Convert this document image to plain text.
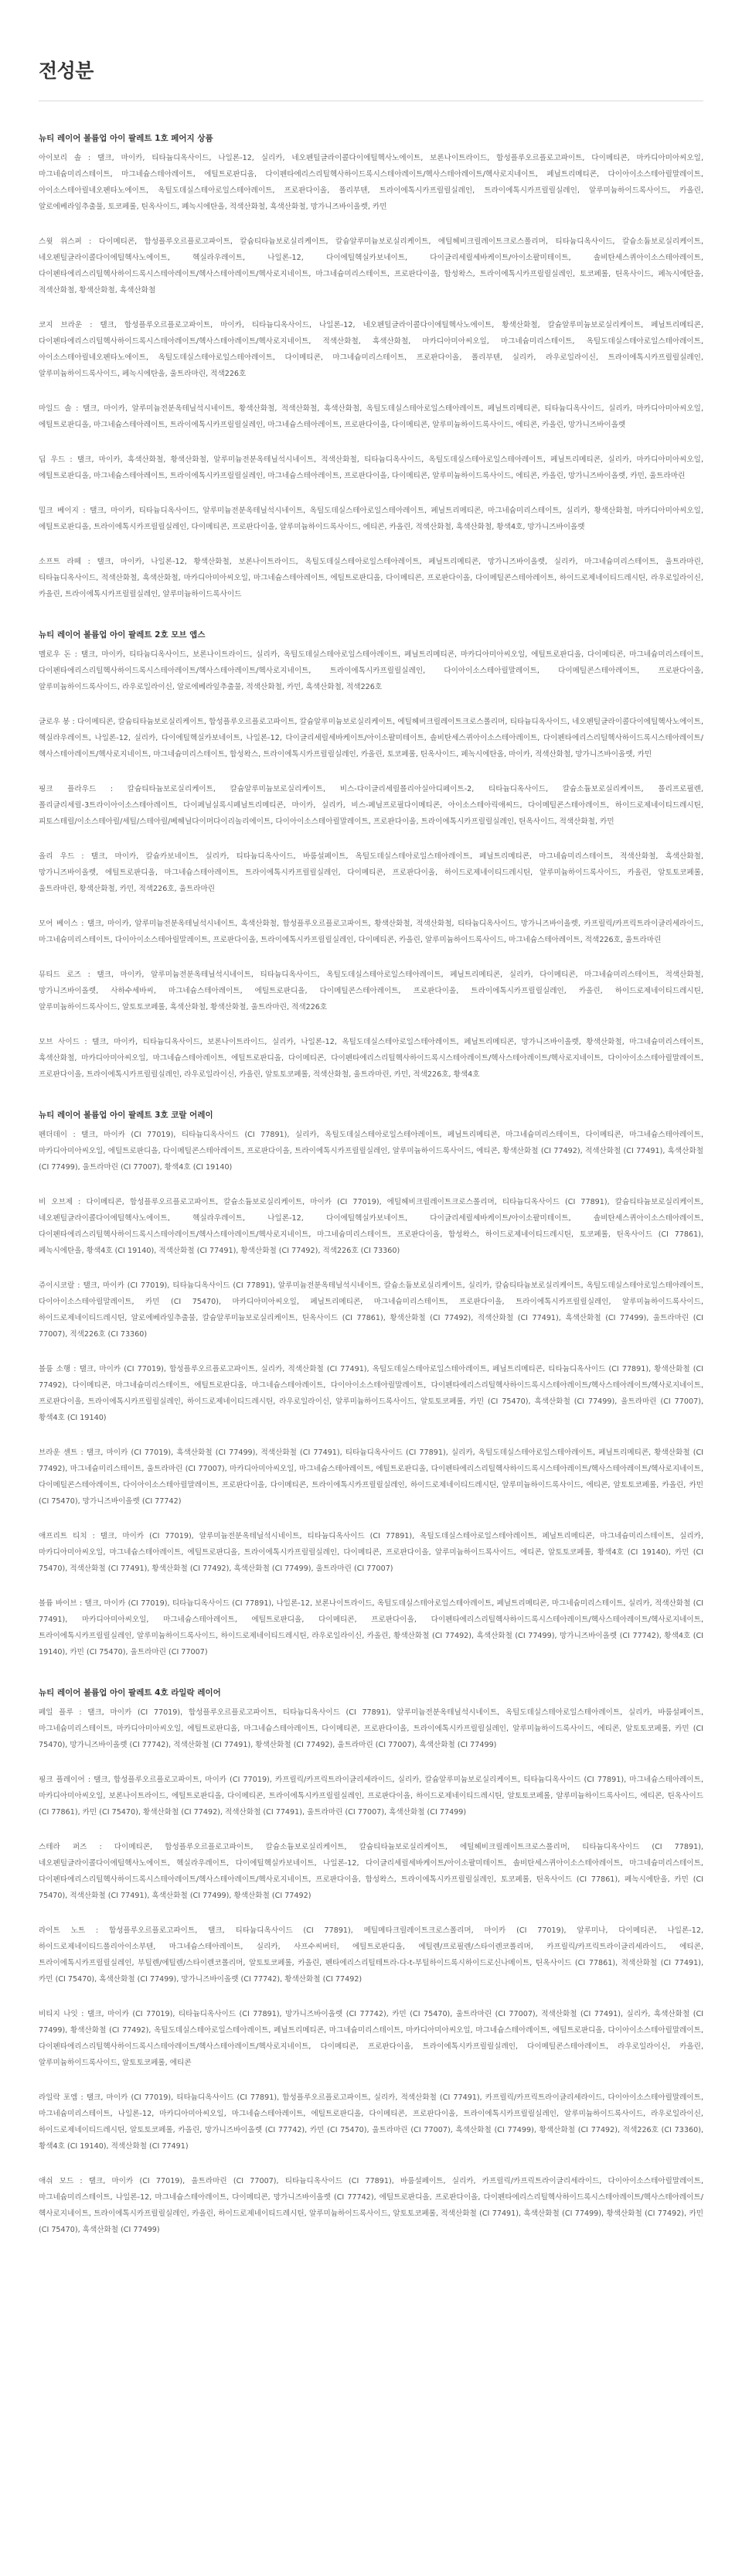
전성분
뉴티 레이어 볼륨업 아이 팔레트 1호 페어지 상품

아이보리 솔 : 탤크, 마이카, 티타늄디옥사이드, 나일론-12, 실리카, 네오펜틸글라이콜다이에틸헥사노에이트, 보론나이트라이드, 합성플루오르플로고파이트, 다이메티콘, 마카디아미아씨오일, 마그네슘미리스테이트, 마그네슘스테아레이트, 에틸트로판디올, 다이펜타에리스리틸헥사하이드록시스테아레이트/헥사스테아레이트/헥사로지네이트, 페닐트리메티콘, 다이아이소스테아릴말레이트, 아이소스테아릴네오펜타노에이트, 옥틸도데실스테아로일스테아레이트, 프로판다이올, 폴리부텐, 트라이에톡시카프릴릴실레인, 트라이에톡시카프릴릴실레인, 알루미늄하이드록사이드, 카올린, 알로에베라잎추출물, 토코페롤, 틴옥사이드, 폐녹시에탄올, 적색산화철, 흑색산화철, 망가니즈바이올렛, 카민

스윗 위스퍼 : 다이메티콘, 합성플루오르플로고파이트, 칼슘티타늄보로실리케이트, 칼슘알루미늄보로실리케이트, 에틸헤비크릴레이트크로스폴리머, 티타늄디옥사이드, 칼슘소듐보로실리케이트, 네오펜틸글라이콜다이에틸헥사노에이트, 헥실라우레이트, 나일론-12, 다이에틸헥실카보네이트, 다이글리세릴세바케이트/아이소팔미테이트, 솔비탄세스퀴아이소스테아레이트, 다이펜타에리스리틸헥사하이드록시스테아레이트/헥사스테아레이트/헥사로지네이트, 마그네슘미리스테이트, 프로판다이올, 합성왁스, 트라이에톡시카프릴릴실레인, 토코페롤, 틴옥사이드, 페녹시에탄올, 적색산화철, 황색산화철, 흑색산화철

코지 브라운 : 탤크, 합성플루오르플로고파이트, 마이카, 티타늄디옥사이드, 나일론-12, 네오펜틸글라이콜다이에틸헥사노에이트, 황색산화철, 칼슘알루미늄보로실리케이트, 페닐트리메티콘, 다이펜타에리스리틸헥사하이드록시스테아레이트/헥사스테아레이트/헥사로지네이트, 적색산화철, 흑색산화철, 마카디아미아씨오일, 마그네슘미리스테이트, 옥틸도데실스테아로일스테아레이트, 아이소스테아릴네오펜타노에이트, 옥틸도데실스테아로일스테아레이트, 다이메티콘, 마그네슘미리스테이트, 프로판다이올, 폴리부텐, 실리카, 라우로일라이신, 트라이에톡시카프릴릴실레인, 알루미늄하이드록사이드, 페녹시에탄올, 울트라마린, 적색226호

마일드 솔 : 탤크, 마이카, 알루미늄전분옥테닐석시네이트, 황색산화철, 적색산화철, 흑색산화철, 옥틸도데실스테아로일스테아레이트, 페닐트리메티콘, 티타늄디옥사이드, 실리카, 마카디아미아씨오일, 에틸트로판디올, 마그네슘스테아레이트, 트라이에톡시카프릴릴실레인, 마그네슘스테아레이트, 프로판다이올, 다이메티콘, 알루미늄하이드록사이드, 에티콘, 카올린, 망가니즈바이올렛

딥 우드 : 탤크, 마이카, 흑색산화철, 황색산화철, 알루미늄전분옥테닐석시네이트, 적색산화철, 티타늄디옥사이드, 옥틸도데실스테아로일스테아레이트, 페닐트리메티콘, 실리카, 마카디아미아씨오일, 에틸트로판디올, 마그네슘스테아레이트, 트라이에톡시카프릴릴실레인, 마그네슘스테아레이트, 프로판다이올, 다이메티콘, 알루미늄하이드록사이드, 에티콘, 카올린, 망가니즈바이올렛, 카민, 울트라마린

밀크 베이지 : 탤크, 마이카, 티타늄디옥사이드, 알루미늄전분옥테닐석시네이트, 옥틸도데실스테아로일스테아레이트, 페닐트리메티콘, 마그네슘미리스테이트, 실리카, 황색산화철, 마카디아미아씨오일, 에틸트로판디올, 트라이에톡시카프릴릴실레인, 다이메티콘, 프로판다이올, 알루미늄하이드록사이드, 에티콘, 카올린, 적색산화철, 흑색산화철, 황색4호, 망가니즈바이올렛

소프트 라떼 : 탤크, 마이카, 나일론-12, 황색산화철, 보론나이트라이드, 옥틸도데실스테아로일스테아레이트, 페닐트리메티콘, 망가니즈바이올렛, 실리카, 마그네슘미리스테이트, 울트라마린, 티타늄디옥사이드, 적색산화철, 흑색산화철, 마카디아미아씨오일, 마그네슘스테아레이트, 에틸트로판디올, 다이메티콘, 프로판다이올, 다이메틸콘스테아레이트, 하이드로제네이티드레시틴, 라우로일라이신, 카올린, 트라이에톡시카프릴릴실레인, 알루미늄하이드록사이드

뉴티 레이어 볼륨업 아이 팔레트 2호 모브 앱스

멜로우 돈 : 탤크, 마이카, 티타늄디옥사이드, 보론나이트라이드, 실리카, 옥틸도데실스테아로일스테아레이트, 페닐트리메티콘, 마카디아미아씨오일, 에틸트로판디올, 다이메티콘, 마그네슘미리스테이트, 다이펜타에리스리틸헥사하이드록시스테아레이트/헥사스테아레이트/헥사로지네이트, 트라이에톡시카프릴릴실레인, 다이아이소스테아릴말레이트, 다이메틸콘스테아레이트, 프로판다이올, 알루미늄하이드록사이드, 라우로일라이신, 알로에베라잎추출물, 적색산화철, 카민, 흑색산화철, 적색226호

글로우 봉 : 다이메티콘, 칼슘티타늄보로실리케이트, 합성플루오르플로고파이트, 칼슘알루미늄보로실리케이트, 에틸헤비크릴레이트크로스폴리머, 티타늄디옥사이드, 네오펜틸글라이콜다이에틸헥사노에이트, 헥실라우레이트, 나일론-12, 실리카, 다이에틸헥실카보네이트, 나일론-12, 다이글리세릴세바케이트/아이소팔미테이트, 솔비탄세스퀴아이소스테아레이트, 다이펜타에리스리틸헥사하이드록시스테아레이트/헥사스테아레이트/헥사로지네이트, 마그네슘미리스테이트, 합성왁스, 트라이에톡시카프릴릴실레인, 카올린, 토코페롤, 틴옥사이드, 페녹시에탄올, 마이카, 적색산화철, 망가니즈바이올렛, 카민

핑크 플라우드 : 칼슘티타늄보로실리케이트, 칼슘알루미늄보로실리케이트, 비스-다이글리세릴폴리아실아디페이트-2, 티타늄디옥사이드, 칼슘소듐보로실리케이트, 폴리프로필렌, 폴리글리세릴-3트라이아이소스테아레이트, 다이페닐실록시페닐트리메티콘, 마이카, 실리카, 비스-페닐프로필다이메티콘, 아이소스테아릭애씨드, 다이메틸콘스테아레이트, 하이드로제네이티드레시틴, 피토스테릴/이소스테아릴/세틸/스테아릴/베헤닐다이머다이리놀리에이트, 다이아이소스테아릴말레이트, 프로판다이올, 트라이에톡시카프릴릴실레인, 틴옥사이드, 적색산화철, 카민

올리 우드 : 탤크, 마이카, 칼슘카보네이트, 실리카, 티타늄디옥사이드, 바룸설페이트, 옥틸도데실스테아로일스테아레이트, 페닐트리메티콘, 마그네슘미리스테이트, 적색산화철, 흑색산화철, 망가니즈바이올렛, 에틸트로판디올, 마그네슘스테아레이트, 트라이에톡시카프릴릴실레인, 다이메티콘, 프로판다이올, 하이드로제네이티드레시틴, 알루미늄하이드록사이드, 카올린, 알토토코페롤, 울트라마린, 황색산화철, 카민, 적색226호, 울트라마린

모어 베이스 : 탤크, 마이카, 알루미늄전분옥테닐석시네이트, 흑색산화철, 합성플루오르플로고파이트, 황색산화철, 적색산화철, 티타늄디옥사이드, 망가니즈바이올렛, 카프릴릭/카프릭트라이글리세라이드, 마그네슘미리스테이트, 다이아이소스테아릴말레이트, 프로판다이올, 트라이에톡시카프릴릴실레인, 다이메티콘, 카올린, 알루미늄하이드록사이드, 마그네슘스테아레이트, 적색226호, 울트라마린

뮤티드 로즈 : 탤크, 마이카, 알루미늄전분옥테닐석시네이트, 티타늄디옥사이드, 옥틸도데실스테아로일스테아레이트, 페닐트리메티콘, 실리카, 다이메티콘, 마그네슘미리스테이트, 적색산화철, 망가니즈바이올렛, 사하수세바씨, 마그네슘스테아레이트, 에틸트로판디올, 다이메틸콘스테아레이트, 프로판다이올, 트라이에톡시카프릴릴실레인, 카올린, 하이드로제네이티드레시틴, 알루미늄하이드록사이드, 알토토코페롤, 흑색산화철, 황색산화철, 울트라마린, 적색226호

모브 사이드 : 탤크, 마이카, 티타늄디옥사이드, 보론나이트라이드, 실리카, 나일론-12, 옥틸도데실스테아로일스테아레이트, 페닐트리메티콘, 망가니즈바이올렛, 황색산화철, 마그네슘미리스테이트, 흑색산화철, 마카디아미아씨오일, 마그네슘스테아레이트, 에틸트로판디올, 다이메티콘, 다이펜타에리스리틸헥사하이드록시스테아레이트/헥사스테아레이트/헥사로지네이트, 다이아이소스테아릴말레이트, 프로판다이올, 트라이에톡시카프릴릴실레인, 라우로일라이신, 카올린, 알토토코페롤, 적색산화철, 울트라마린, 카민, 적색226호, 황색4호

뉴티 레이어 볼륨업 아이 팔레트 3호 코랄 어레이

펜더데이 : 탤크, 마이카 (CI 77019), 티타늄디옥사이드 (CI 77891), 실리카, 옥틸도데실스테아로일스테아레이트, 페닐트리메티콘, 마그네슘미리스테이트, 다이메티콘, 마그네슘스테아레이트, 마카디아미아씨오일, 에틸트로판디올, 다이메틸콘스테아레이트, 프로판다이올, 트라이에톡시카프릴릴실레인, 알루미늄하이드록사이드, 에티콘, 황색산화철 (CI 77492), 적색산화철 (CI 77491), 흑색산화철 (CI 77499), 울트라마린 (CI 77007), 황색4호 (CI 19140)

비 오브제 : 다이메티콘, 합성플루오르플로고파이트, 칼슘소듐보로실리케이트, 마이카 (CI 77019), 에틸헤비크릴레이트크로스폴리머, 티타늄디옥사이드 (CI 77891), 칼슘티타늄보로실리케이트, 네오펜틸글라이콜다이에틸헥사노에이트, 헥실라우레이트, 나일론-12, 다이에틸헥실카보네이트, 다이글리세릴세바케이트/아이소팔미테이트, 솔비탄세스퀴아이소스테아레이트, 다이펜타에리스리틸헥사하이드록시스테아레이트/헥사스테아레이트/헥사로지네이트, 마그네슘미리스테이트, 프로판다이올, 합성왁스, 하이드로제네이티드레시틴, 토코페롤, 틴옥사이드 (CI 77861), 페녹시에탄올, 황색4호 (CI 19140), 적색산화철 (CI 77491), 황색산화철 (CI 77492), 적색226호 (CI 73360)

쥬이시코랄 : 탤크, 마이카 (CI 77019), 티타늄디옥사이드 (CI 77891), 알루미늄전분옥테닐석시네이트, 칼슘소듐보로실리케이트, 실리카, 칼슘티타늄보로실리케이트, 옥틸도데실스테아로일스테아레이트, 다이아이소스테아릴말레이트, 카민 (CI 75470), 마카디아미아씨오일, 페닐트리메티콘, 마그네슘미리스테이트, 프로판다이올, 트라이에톡시카프릴릴실레인, 알루미늄하이드록사이드, 하이드로제네이티드레시틴, 알로에베라잎추출물, 칼슘알루미늄보로실리케이트, 틴옥사이드 (CI 77861), 황색산화철 (CI 77492), 적색산화철 (CI 77491), 흑색산화철 (CI 77499), 울트라마린 (CI 77007), 적색226호 (CI 73360)

볼룸 소행 : 탤크, 마이카 (CI 77019), 합성플루오르플로고파이트, 실리카, 적색산화철 (CI 77491), 옥틸도데실스테아로일스테아레이트, 페닐트리메티콘, 티타늄디옥사이드 (CI 77891), 황색산화철 (CI 77492), 다이메티콘, 마그네슘미리스테이트, 에틸트로판디올, 마그네슘스테아레이트, 다이아이소스테아릴말레이트, 다이펜타에리스리틸헥사하이드록시스테아레이트/헥사스테아레이트/헥사로지네이트, 프로판다이올, 트라이에톡시카프릴릴실레인, 하이드로제네이티드레시틴, 라우로일라이신, 알루미늄하이드록사이드, 알토토코페롤, 카민 (CI 75470), 흑색산화철 (CI 77499), 울트라마린 (CI 77007), 황색4호 (CI 19140)

브라운 센트 : 탤크, 마이카 (CI 77019), 흑색산화철 (CI 77499), 적색산화철 (CI 77491), 티타늄디옥사이드 (CI 77891), 실리카, 옥틸도데실스테아로일스테아레이트, 페닐트리메티콘, 황색산화철 (CI 77492), 마그네슘미리스테이트, 울트라마린 (CI 77007), 마카디아미아씨오일, 마그네슘스테아레이트, 에틸트로판디올, 다이펜타에리스리틸헥사하이드록시스테아레이트/헥사스테아레이트/헥사로지네이트, 다이메틸콘스테아레이트, 다이아이소스테아릴말레이트, 프로판다이올, 다이메티콘, 트라이에톡시카프릴릴실레인, 하이드로제네이티드레시틴, 알루미늄하이드록사이드, 에티콘, 알토토코페롤, 카올린, 카민 (CI 75470), 망가니즈바이올렛 (CI 77742)

애프리트 티치 : 탤크, 마이카 (CI 77019), 알루미늄전분옥테닐석시네이트, 티타늄디옥사이드 (CI 77891), 옥틸도데실스테아로일스테아레이트, 페닐트리메티콘, 마그네슘미리스테이트, 실리카, 마카디아미아씨오일, 마그네슘스테아레이트, 에틸트로판디올, 트라이에톡시카프릴릴실레인, 다이메티콘, 프로판다이올, 알루미늄하이드록사이드, 에티콘, 알토토코페롤, 황색4호 (CI 19140), 카민 (CI 75470), 적색산화철 (CI 77491), 황색산화철 (CI 77492), 흑색산화철 (CI 77499), 울트라마린 (CI 77007)

볼륨 바이브 : 탤크, 마이카 (CI 77019), 티타늄디옥사이드 (CI 77891), 나일론-12, 보론나이트라이드, 옥틸도데실스테아로일스테아레이트, 페닐트리메티콘, 마그네슘미리스테이트, 실리카, 적색산화철 (CI 77491), 마카디아미아씨오일, 마그네슘스테아레이트, 에틸트로판디올, 다이메티콘, 프로판다이올, 다이펜타에리스리틸헥사하이드록시스테아레이트/헥사스테아레이트/헥사로지네이트, 트라이에톡시카프릴릴실레인, 알루미늄하이드록사이드, 하이드로제네이티드레시틴, 라우로일라이신, 카올린, 황색산화철 (CI 77492), 흑색산화철 (CI 77499), 망가니즈바이올렛 (CI 77742), 황색4호 (CI 19140), 카민 (CI 75470), 울트라마린 (CI 77007)

뉴티 레이어 볼륨업 아이 팔레트 4호 라일락 레이어

페일 플루 : 탤크, 마이카 (CI 77019), 합성플루오르플로고파이트, 티타늄디옥사이드 (CI 77891), 알루미늄전분옥테닐석시네이트, 옥틸도데실스테아로일스테아레이트, 실리카, 바룸설페이트, 마그네슘미리스테이트, 마카디아미아씨오일, 에틸트로판디올, 마그네슘스테아레이트, 다이메티콘, 프로판다이올, 트라이에톡시카프릴릴실레인, 알루미늄하이드록사이드, 에티콘, 알토토코페롤, 카민 (CI 75470), 망가니즈바이올렛 (CI 77742), 적색산화철 (CI 77491), 황색산화철 (CI 77492), 울트라마린 (CI 77007), 흑색산화철 (CI 77499)

핑크 플레이어 : 탤크, 합성플루오르플로고파이트, 마이카 (CI 77019), 카프릴릭/카프릭트라이글리세라이드, 실리카, 칼슘알루미늄보로실리케이트, 티타늄디옥사이드 (CI 77891), 마그네슘스테아레이트, 마카디아미아씨오일, 보론나이트라이드, 에틸트로판디올, 다이메티콘, 트라이에톡시카프릴릴실레인, 프로판다이올, 하이드로제네이티드레시틴, 알토토코페롤, 알루미늄하이드록사이드, 에티콘, 틴옥사이드 (CI 77861), 카민 (CI 75470), 황색산화철 (CI 77492), 적색산화철 (CI 77491), 울트라마린 (CI 77007), 흑색산화철 (CI 77499)

스테라 퍼즈 : 다이메티콘, 합성플루오르플로고파이트, 칼슘소듐보로실리케이트, 칼슘티타늄보로실리케이트, 에틸헤비크릴레이트크로스폴리머, 티타늄디옥사이드 (CI 77891), 네오펜틸글라이콜다이에틸헥사노에이트, 헥실라우레이트, 다이에틸헥실카보네이트, 나일론-12, 다이글리세릴세바케이트/아이소팔미테이트, 솔비탄세스퀴아이소스테아레이트, 마그네슘미리스테이트, 다이펜타에리스리틸헥사하이드록시스테아레이트/헥사스테아레이트/헥사로지네이트, 프로판다이올, 합성왁스, 트라이에톡시카프릴릴실레인, 토코페롤, 틴옥사이드 (CI 77861), 페녹시에탄올, 카민 (CI 75470), 적색산화철 (CI 77491), 흑색산화철 (CI 77499), 황색산화철 (CI 77492)

라이트 노트 : 합성플루오르플로고파이트, 탤크, 티타늄디옥사이드 (CI 77891), 메틸메타크릴레이트크로스폴리머, 마이카 (CI 77019), 알루미나, 다이메티콘, 나일론-12, 하이드로제네이티드폴리아이소부텐, 마그네슘스테아레이트, 실리카, 사프수씨버터, 에틸트로판디올, 에틸렌/프로필렌/스타이렌코폴리머, 카프릴릭/카프릭트라이글리세라이드, 에티콘, 트라이에톡시카프릴릴실레인, 부틸렌/에틸렌/스타이렌코폴리머, 알토토코페롤, 카올린, 펜타에리스리틸테트라-다-t-부틸하이드록시하이드로신나메이트, 틴옥사이드 (CI 77861), 적색산화철 (CI 77491), 카민 (CI 75470), 흑색산화철 (CI 77499), 망가니즈바이올렛 (CI 77742), 황색산화철 (CI 77492)

비티지 나잇 : 탤크, 마이카 (CI 77019), 티타늄디옥사이드 (CI 77891), 망가니즈바이올렛 (CI 77742), 카민 (CI 75470), 울트라마린 (CI 77007), 적색산화철 (CI 77491), 실리카, 흑색산화철 (CI 77499), 황색산화철 (CI 77492), 옥틸도데실스테아로일스테아레이트, 페닐트리메티콘, 마그네슘미리스테이트, 마카디아미아씨오일, 마그네슘스테아레이트, 에틸트로판디올, 다이아이소스테아릴말레이트, 다이펜타에리스리틸헥사하이드록시스테아레이트/헥사스테아레이트/헥사로지네이트, 다이메티콘, 프로판다이올, 트라이에톡시카프릴릴실레인, 다이메틸콘스테아레이트, 라우로일라이신, 카올린, 알루미늄하이드록사이드, 알토토코페롤, 에티콘

라일락 포엠 : 탤크, 마이카 (CI 77019), 티타늄디옥사이드 (CI 77891), 합성플루오르플로고파이트, 실리카, 적색산화철 (CI 77491), 카프릴릭/카프릭트라이글리세라이드, 다이아이소스테아릴말레이트, 마그네슘미리스테이트, 나일론-12, 마카디아미아씨오일, 마그네슘스테아레이트, 에틸트로판디올, 다이메티콘, 프로판다이올, 트라이에톡시카프릴릴실레인, 알루미늄하이드록사이드, 라우로일라이신, 하이드로제네이티드레시틴, 알토토코페롤, 카올린, 망가니즈바이올렛 (CI 77742), 카민 (CI 75470), 울트라마린 (CI 77007), 흑색산화철 (CI 77499), 황색산화철 (CI 77492), 적색226호 (CI 73360), 황색4호 (CI 19140), 적색산화철 (CI 77491)

애쉬 모드 : 탤크, 마이카 (CI 77019), 울트라마린 (CI 77007), 티타늄디옥사이드 (CI 77891), 바룸설페이트, 실리카, 카프릴릭/카프릭트라이글리세라이드, 다이아이소스테아릴말레이트, 마그네슘미리스테이트, 나일론-12, 마그네슘스테아레이트, 다이메티콘, 망가니즈바이올렛 (CI 77742), 에틸트로판디올, 프로판다이올, 다이펜타에리스리틸헥사하이드록시스테아레이트/헥사스테아레이트/헥사로지네이트, 트라이에톡시카프릴릴실레인, 카올린, 하이드로제네이티드레시틴, 알루미늄하이드록사이드, 알토토코페롤, 적색산화철 (CI 77491), 흑색산화철 (CI 77499), 황색산화철 (CI 77492), 카민 (CI 75470), 흑색산화철 (CI 77499)
